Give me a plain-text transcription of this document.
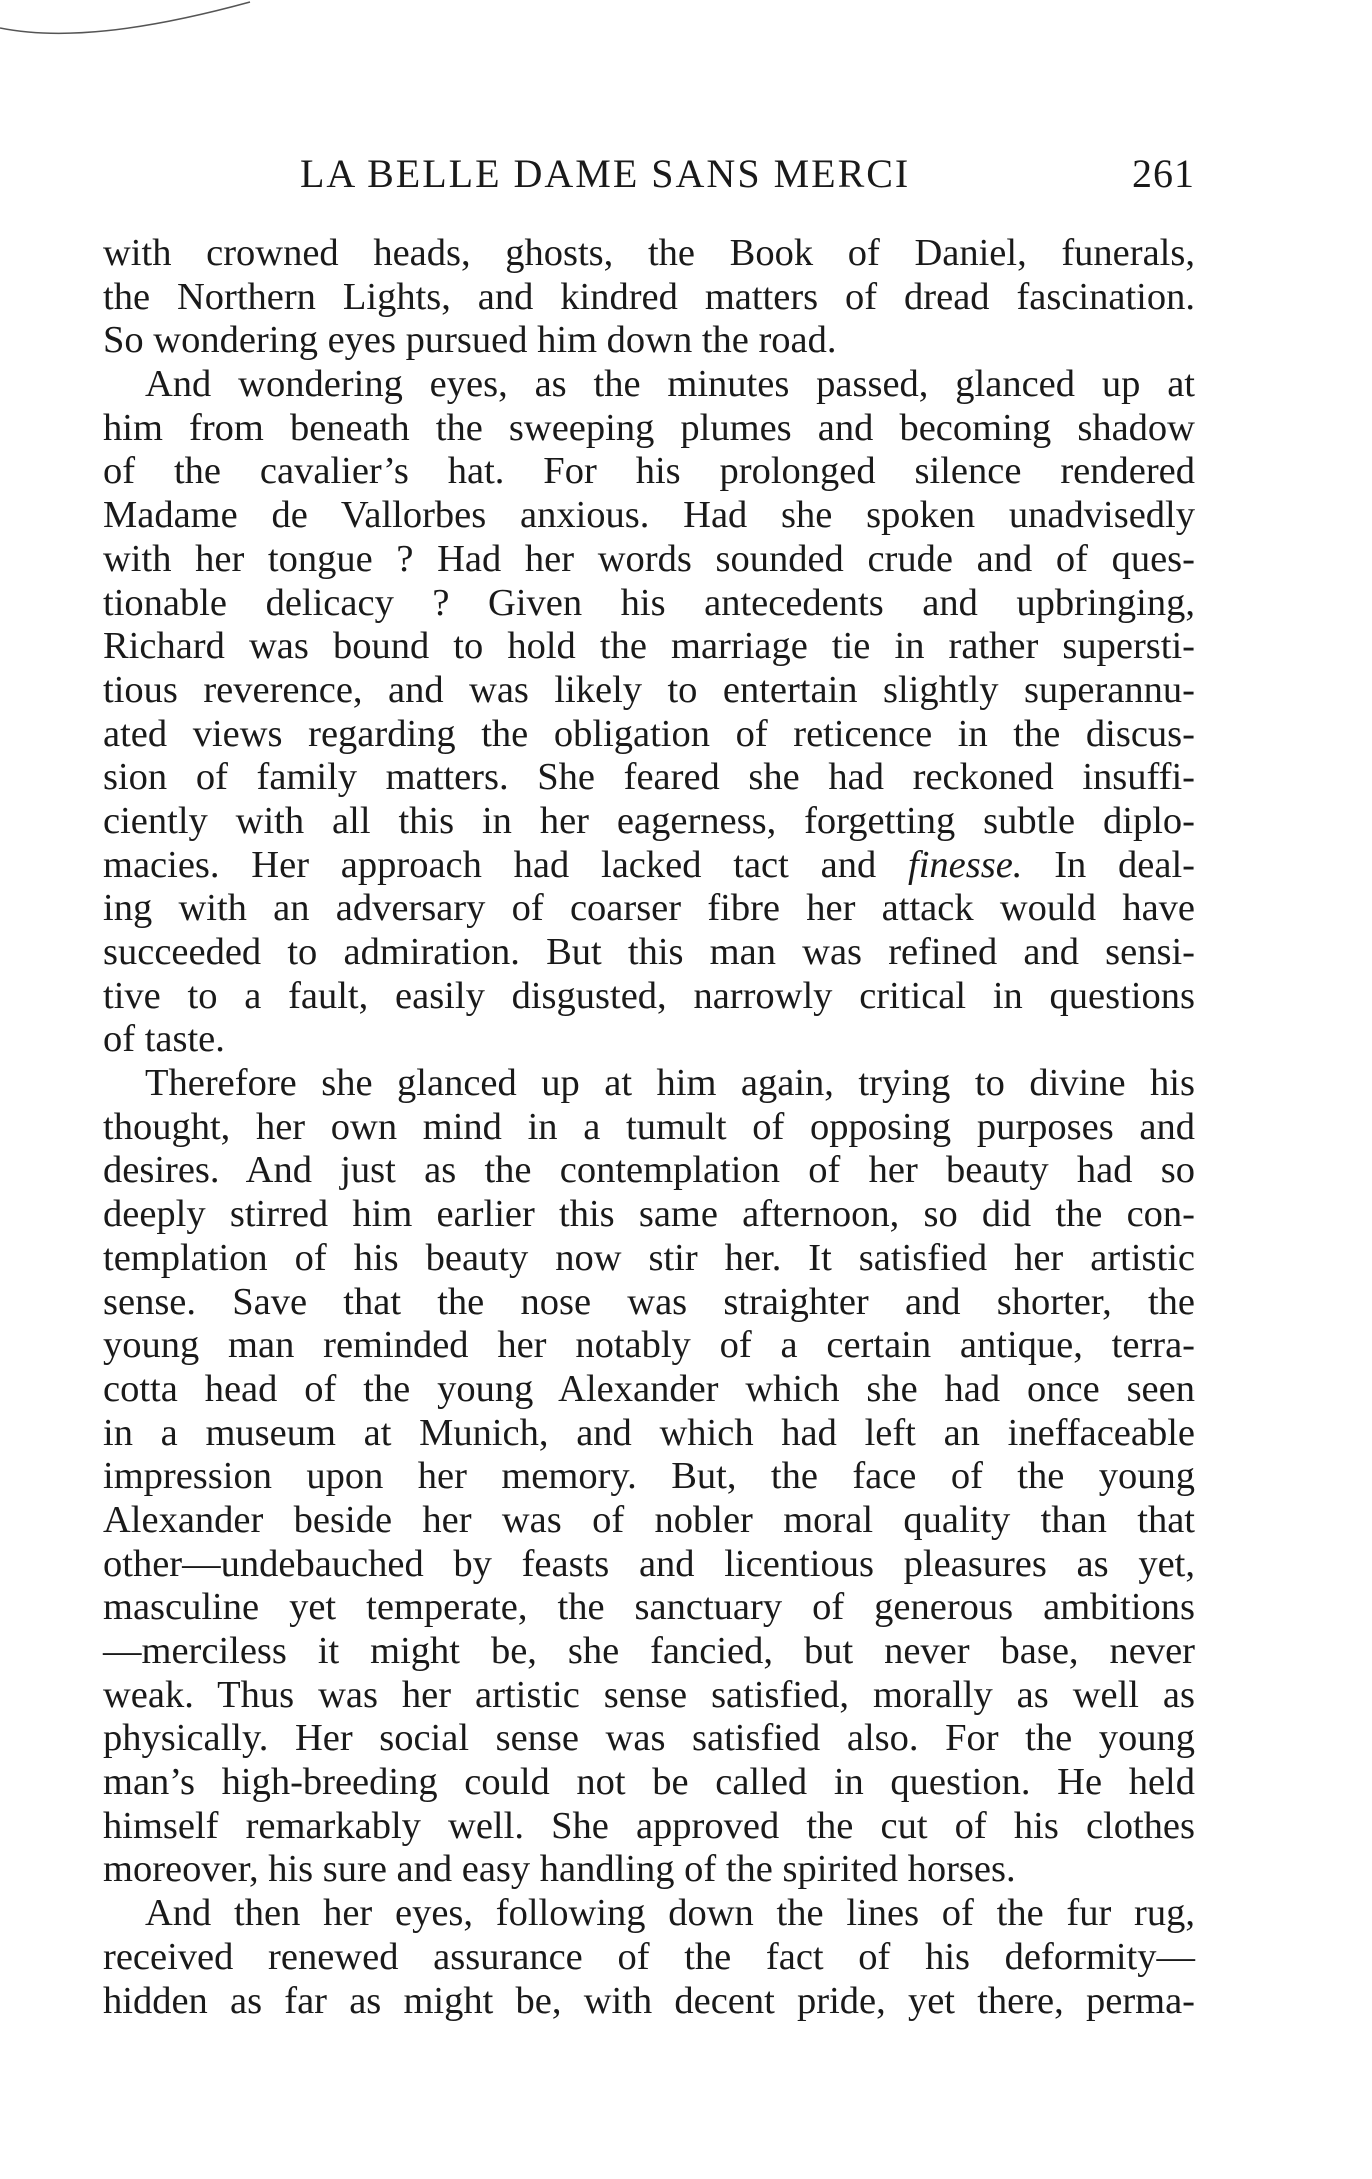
LA BELLE DAME SANS MERCI	261
with crowned heads, ghosts, the Book of Daniel, funerals,
the Northern Lights, and kindred matters of dread fascination.
So wondering eyes pursued him down the road.
And wondering eyes, as the minutes passed, glanced up at
him from beneath the sweeping plumes and becoming shadow
of the cavalier’s hat. For his prolonged silence rendered
Madame de Vallorbes anxious. Had she spoken unadvisedly
with her tongue ? Had her words sounded crude and of ques-
tionable delicacy ? Given his antecedents and upbringing,
Richard was bound to hold the marriage tie in rather supersti-
tious reverence, and was likely to entertain slightly superannu-
ated views regarding the obligation of reticence in the discus-
sion of family matters. She feared she had reckoned insuffi-
ciently with all this in her eagerness, forgetting subtle diplo-
macies. Her approach had lacked tact and finesse. In deal-
ing with an adversary of coarser fibre her attack would have
succeeded to admiration. But this man was refined and sensi-
tive to a fault, easily disgusted, narrowly critical in questions
of taste.
Therefore she glanced up at him again, trying to divine his
thought, her own mind in a tumult of opposing purposes and
desires. And just as the contemplation of her beauty had so
deeply stirred him earlier this same afternoon, so did the con-
templation of his beauty now stir her. It satisfied her artistic
sense. Save that the nose was straighter and shorter, the
young man reminded her notably of a certain antique, terra-
cotta head of the young Alexander which she had once seen
in a museum at Munich, and which had left an ineffaceable
impression upon her memory. But, the face of the young
Alexander beside her was of nobler moral quality than that
other—undebauched by feasts and licentious pleasures as yet,
masculine yet temperate, the sanctuary of generous ambitions
—merciless it might be, she fancied, but never base, never
weak. Thus was her artistic sense satisfied, morally as well as
physically. Her social sense was satisfied also. For the young
man’s high-breeding could not be called in question. He held
himself remarkably well. She approved the cut of his clothes
moreover, his sure and easy handling of the spirited horses.
And then her eyes, following down the lines of the fur rug,
received renewed assurance of the fact of his deformity—
hidden as far as might be, with decent pride, yet there, perma-
